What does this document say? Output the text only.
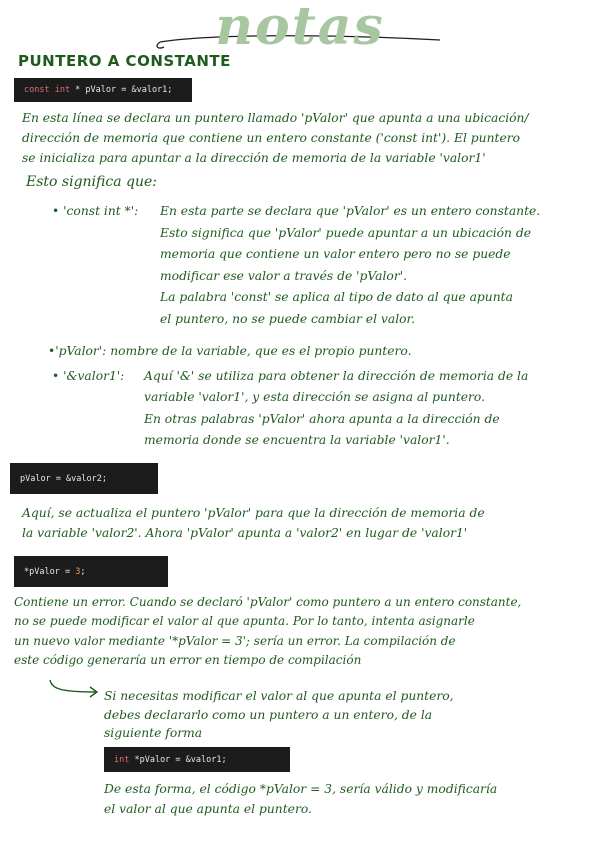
notas
PUNTERO A CONSTANTE
const int * pValor = &valor1;
En esta línea se declara un puntero llamado 'pValor' que apunta a una ubicación/
dirección de memoria que contiene un entero constante ('const int'). El puntero
se inicializa para apuntar a la dirección de memoria de la variable 'valor1'
Esto significa que:
• 'const int *': En esta parte se declara que 'pValor' es un entero constante.
Esto significa que 'pValor' puede apuntar a un ubicación de
memoria que contiene un valor entero pero no se puede
modificar ese valor a través de 'pValor'.
La palabra 'const' se aplica al tipo de dato al que apunta
el puntero, no se puede cambiar el valor.
•'pValor': nombre de la variable, que es el propio puntero.
• '&valor1': Aquí '&' se utiliza para obtener la dirección de memoria de la
variable 'valor1', y esta dirección se asigna al puntero.
En otras palabras 'pValor' ahora apunta a la dirección de
memoria donde se encuentra la variable 'valor1'.
pValor = &valor2;
Aquí, se actualiza el puntero 'pValor' para que la dirección de memoria de
la variable 'valor2'. Ahora 'pValor' apunta a 'valor2' en lugar de 'valor1'
*pValor = 3 ;
Contiene un error. Cuando se declaró 'pValor' como puntero a un entero constante,
no se puede modificar el valor al que apunta. Por lo tanto, intenta asignarle
un nuevo valor mediante '*pValor = 3'; sería un error. La compilación de
este código generaría un error en tiempo de compilación
Si necesitas modificar el valor al que apunta el puntero,
debes declararlo como un puntero a un entero, de la
siguiente forma
int *pValor = &valor1;
De esta forma, el código *pValor = 3, sería válido y modificaría
el valor al que apunta el puntero.
